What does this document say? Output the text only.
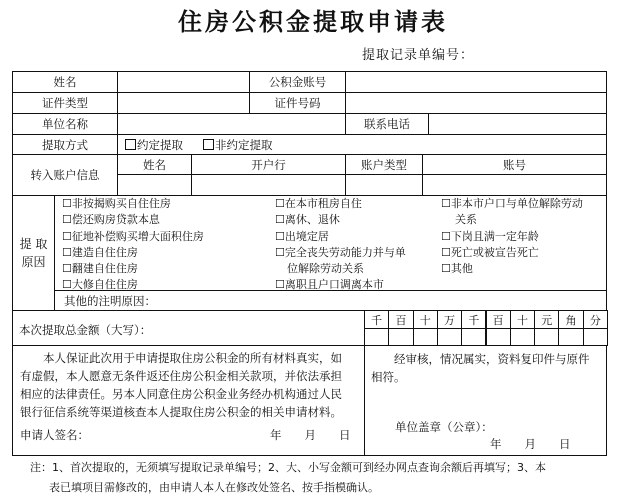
住房公积金提取申请表
提取记录单编号：
姓名	公积金账号
证件类型	证件号码
单位名称	联系电话
提取方式	约定提取	非约定提取
转入账户信息
姓名	开户行	账户类型	账号
提 取
原因
☐非按揭购买自住住房
☐偿还购房贷款本息
☐征地补偿购买增大面积住房
☐建造自住住房
☐翻建自住住房
☐大修自住住房
☐在本市租房自住
☐离休、退休
☐出境定居
☐完全丧失劳动能力并与单
位解除劳动关系
☐离职且户口调离本市
☐非本市户口与单位解除劳动
关系
☐下岗且满一定年龄
☐死亡或被宣告死亡
☐其他
其他的注明原因：
本次提取总金额（大写）：
千	百	十	万	千	百	十	元	角	分
本人保证此次用于申请提取住房公积金的所有材料真实，如
有虚假，本人愿意无条件返还住房公积金相关款项，并依法承担
相应的法律责任。另本人同意住房公积金业务经办机构通过人民
银行征信系统等渠道核查本人提取住房公积金的相关申请材料。
申请人签名：	年　　月　　日
经审核，情况属实，资料复印件与原件
相符。
单位盖章（公章）：
年　　月　　日
注：1、首次提取的，无须填写提取记录单编号；2、大、小写金额可到经办网点查询余额后再填写；3、本
表已填项目需修改的，由申请人本人在修改处签名、按手指模确认。
